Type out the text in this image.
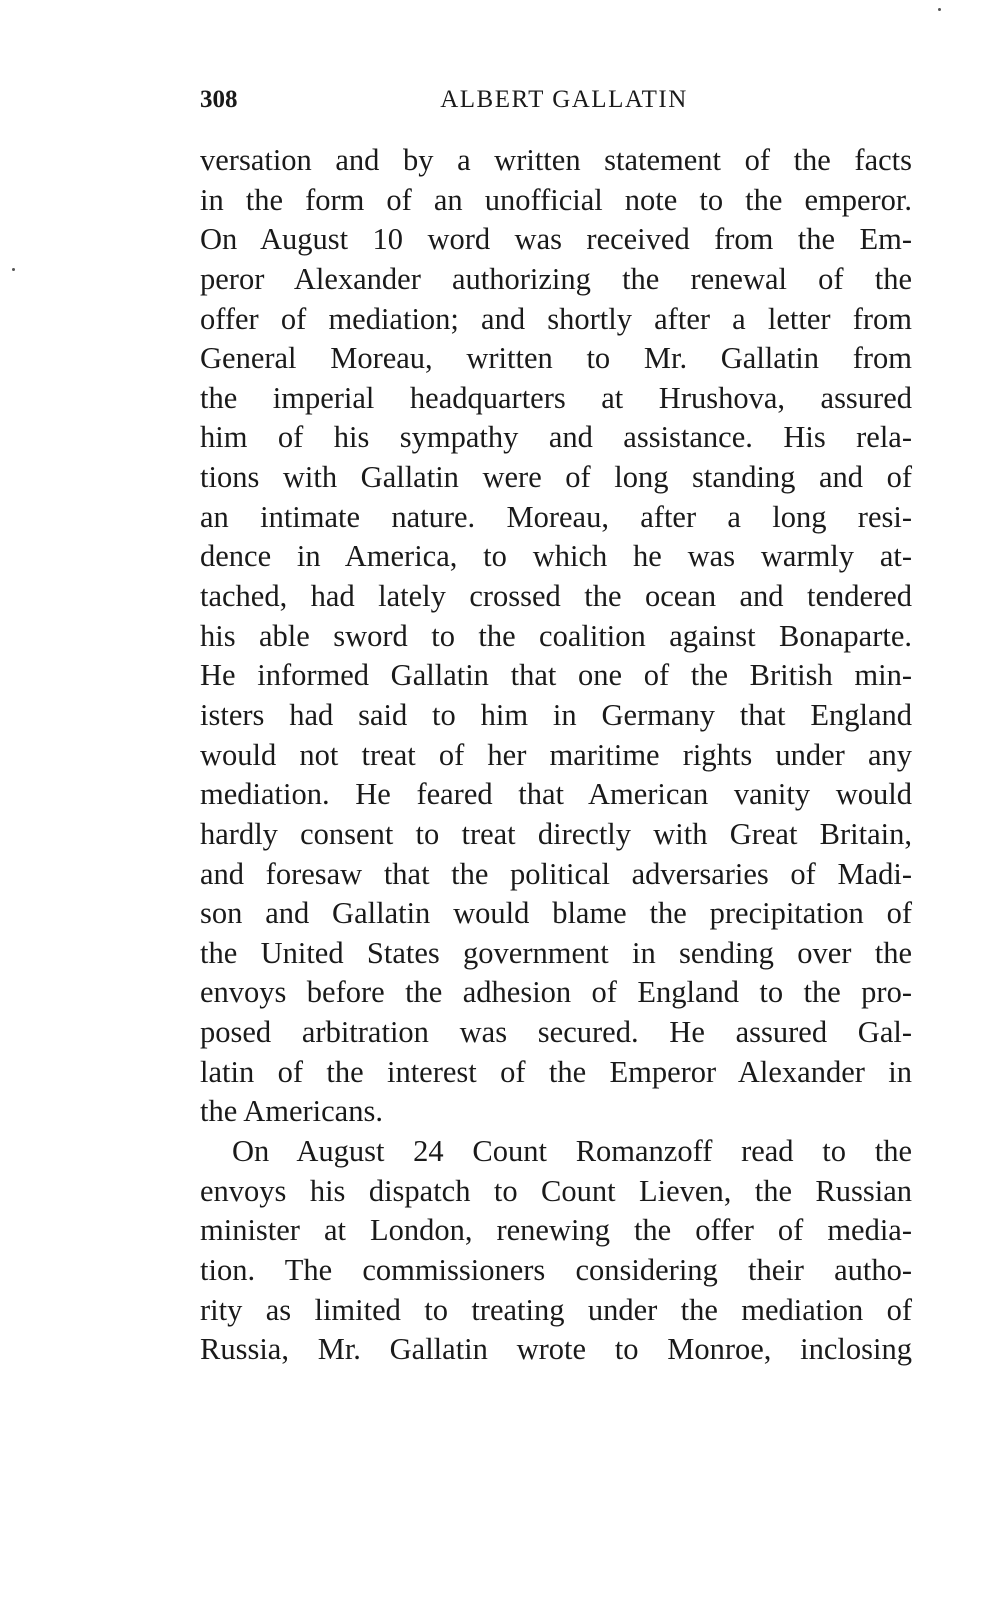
308	ALBERT GALLATIN
versation and by a written statement of the facts
in the form of an unofficial note to the emperor.
On August 10 word was received from the Em-
peror Alexander authorizing the renewal of the
offer of mediation; and shortly after a letter from
General Moreau, written to Mr. Gallatin from
the imperial headquarters at Hrushova, assured
him of his sympathy and assistance. His rela-
tions with Gallatin were of long standing and of
an intimate nature. Moreau, after a long resi-
dence in America, to which he was warmly at-
tached, had lately crossed the ocean and tendered
his able sword to the coalition against Bonaparte.
He informed Gallatin that one of the British min-
isters had said to him in Germany that England
would not treat of her maritime rights under any
mediation. He feared that American vanity would
hardly consent to treat directly with Great Britain,
and foresaw that the political adversaries of Madi-
son and Gallatin would blame the precipitation of
the United States government in sending over the
envoys before the adhesion of England to the pro-
posed arbitration was secured. He assured Gal-
latin of the interest of the Emperor Alexander in
the Americans.
On August 24 Count Romanzoff read to the
envoys his dispatch to Count Lieven, the Russian
minister at London, renewing the offer of media-
tion. The commissioners considering their autho-
rity as limited to treating under the mediation of
Russia, Mr. Gallatin wrote to Monroe, inclosing
